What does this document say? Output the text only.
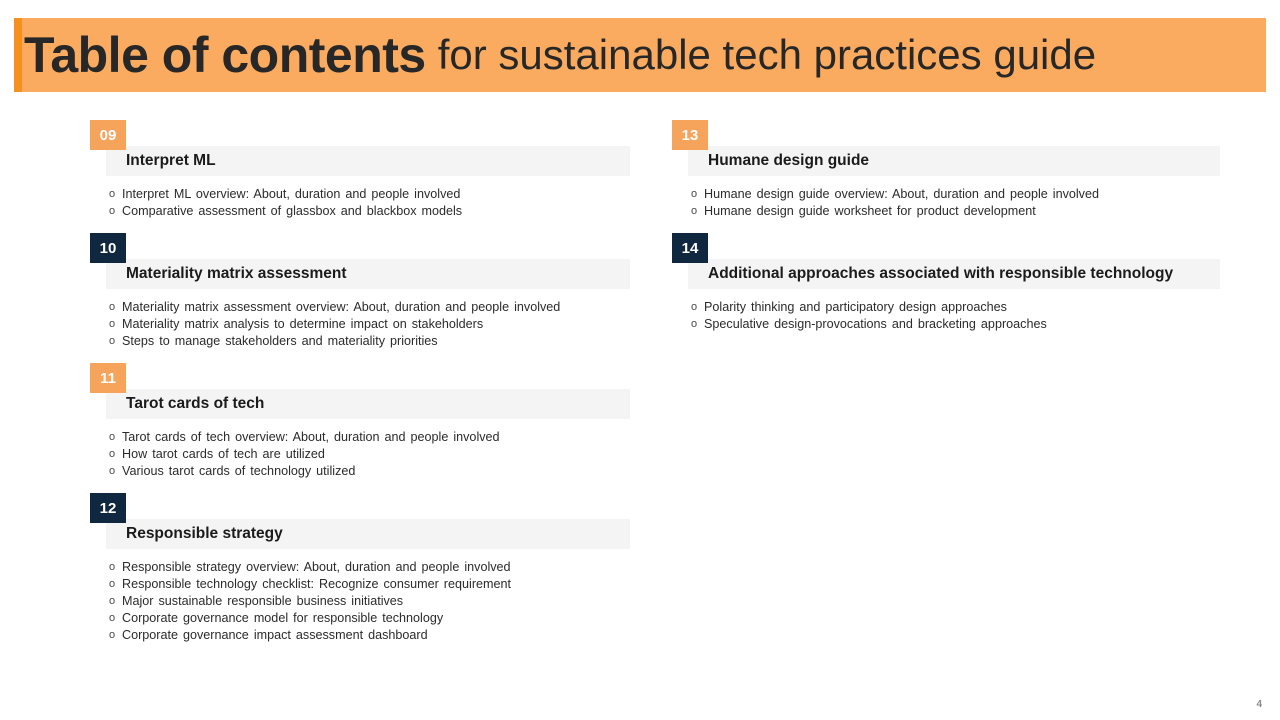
Table of contents for sustainable tech practices guide
09
Interpret ML
o Interpret ML overview: About, duration and people involved
o Comparative assessment of glassbox and blackbox models
10
Materiality matrix assessment
o Materiality matrix assessment overview: About, duration and people involved
o Materiality matrix analysis to determine impact on stakeholders
o Steps to manage stakeholders and materiality priorities
11
Tarot cards of tech
o Tarot cards of tech overview: About, duration and people involved
o How tarot cards of tech are utilized
o Various tarot cards of technology utilized
12
Responsible strategy
o Responsible strategy overview: About, duration and people involved
o Responsible technology checklist: Recognize consumer requirement
o Major sustainable responsible business initiatives
o Corporate governance model for responsible technology
o Corporate governance impact assessment dashboard
13
Humane design guide
o Humane design guide overview: About, duration and people involved
o Humane design guide worksheet for product development
14
Additional approaches associated with responsible technology
o Polarity thinking and participatory design approaches
o Speculative design-provocations and bracketing approaches
4
